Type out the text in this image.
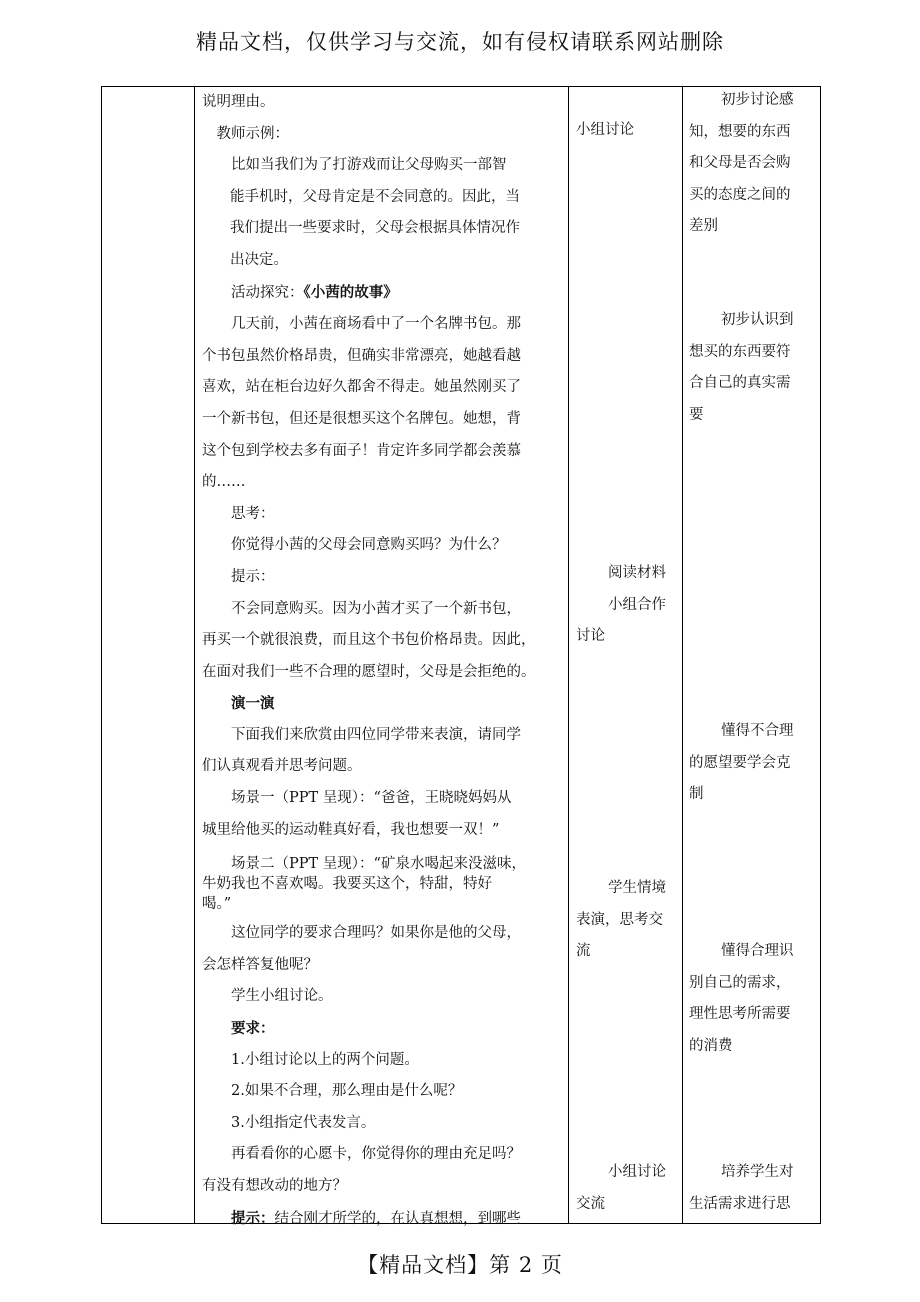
精品文档，仅供学习与交流，如有侵权请联系网站删除

说明理由。

教师示例：

比如当我们为了打游戏而让父母购买一部智

能手机时，父母肯定是不会同意的。因此，当

我们提出一些要求时，父母会根据具体情况作

出决定。

活动探究：《小茜的故事》

几天前，小茜在商场看中了一个名牌书包。那

个书包虽然价格昂贵，但确实非常漂亮，她越看越

喜欢，站在柜台边好久都舍不得走。她虽然刚买了

一个新书包，但还是很想买这个名牌包。她想，背

这个包到学校去多有面子！肯定许多同学都会羡慕

的……

思考：

你觉得小茜的父母会同意购买吗？为什么？

提示：

不会同意购买。因为小茜才买了一个新书包，

再买一个就很浪费，而且这个书包价格昂贵。因此，

在面对我们一些不合理的愿望时，父母是会拒绝的。

演一演

下面我们来欣赏由四位同学带来表演，请同学

们认真观看并思考问题。

场景一（PPT 呈现）：“爸爸，王晓晓妈妈从

城里给他买的运动鞋真好看，我也想要一双！”

场景二（PPT 呈现）：“矿泉水喝起来没滋味，

牛奶我也不喜欢喝。我要买这个，特甜，特好

喝。”

这位同学的要求合理吗？如果你是他的父母，

会怎样答复他呢？

学生小组讨论。

要求：

1.小组讨论以上的两个问题。

2.如果不合理，那么理由是什么呢？

3.小组指定代表发言。

再看看你的心愿卡，你觉得你的理由充足吗？

有没有想改动的地方？

提示：结合刚才所学的，在认真想想，到哪些

小组讨论

阅读材料

小组合作

讨论

学生情境

表演，思考交

流

小组讨论

交流

初步讨论感

知，想要的东西

和父母是否会购

买的态度之间的

差别

初步认识到

想买的东西要符

合自己的真实需

要

懂得不合理

的愿望要学会克

制

懂得合理识

别自己的需求，

理性思考所需要

的消费

培养学生对

生活需求进行思

【精品文档】第 2 页
